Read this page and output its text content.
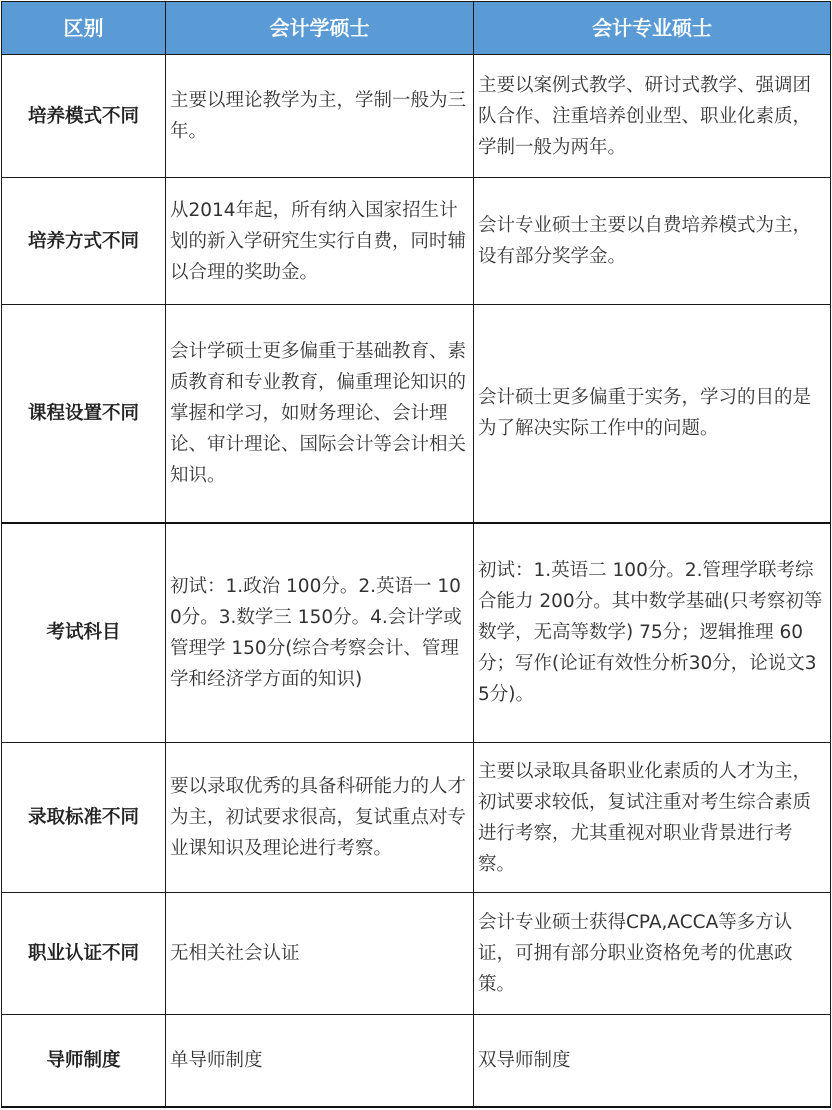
区别	会计学硕士	会计专业硕士
培养模式不同	主要以理论教学为主，学制一般为三年。	主要以案例式教学、研讨式教学、强调团队合作、注重培养创业型、职业化素质，学制一般为两年。
培养方式不同	从2014年起，所有纳入国家招生计划的新入学研究生实行自费，同时辅以合理的奖助金。	会计专业硕士主要以自费培养模式为主，设有部分奖学金。
课程设置不同	会计学硕士更多偏重于基础教育、素质教育和专业教育，偏重理论知识的掌握和学习，如财务理论、会计理论、审计理论、国际会计等会计相关知识。	会计硕士更多偏重于实务，学习的目的是为了解决实际工作中的问题。
考试科目	初试：1.政治 100分。2.英语一 100分。3.数学三 150分。4.会计学或管理学 150分(综合考察会计、管理学和经济学方面的知识)	初试：1.英语二 100分。2.管理学联考综合能力 200分。其中数学基础(只考察初等数学，无高等数学) 75分；逻辑推理 60分；写作(论证有效性分析30分，论说文35分)。
录取标准不同	要以录取优秀的具备科研能力的人才为主，初试要求很高，复试重点对专业课知识及理论进行考察。	主要以录取具备职业化素质的人才为主，初试要求较低，复试注重对考生综合素质进行考察，尤其重视对职业背景进行考察。
职业认证不同	无相关社会认证	会计专业硕士获得CPA,ACCA等多方认证，可拥有部分职业资格免考的优惠政策。
导师制度	单导师制度	双导师制度
